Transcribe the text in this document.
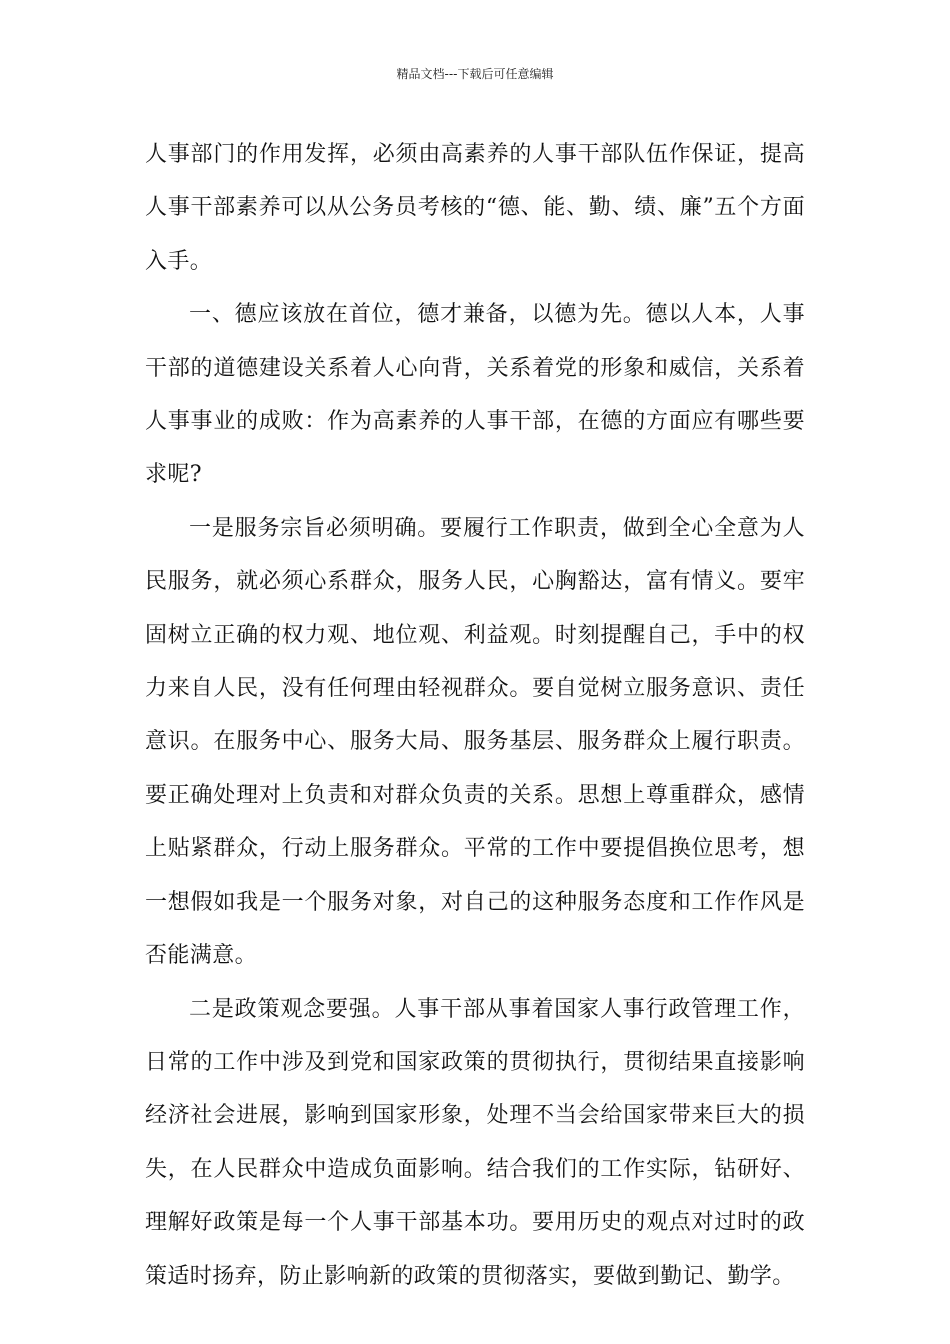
精品文档---下载后可任意编辑

人事部门的作用发挥，必须由高素养的人事干部队伍作保证，提高人事干部素养可以从公务员考核的“德、能、勤、绩、廉”五个方面入手。

一、德应该放在首位，德才兼备，以德为先。德以人本，人事干部的道德建设关系着人心向背，关系着党的形象和威信，关系着人事事业的成败：作为高素养的人事干部，在德的方面应有哪些要求呢?

一是服务宗旨必须明确。要履行工作职责，做到全心全意为人民服务，就必须心系群众，服务人民，心胸豁达，富有情义。要牢固树立正确的权力观、地位观、利益观。时刻提醒自己，手中的权力来自人民，没有任何理由轻视群众。要自觉树立服务意识、责任意识。在服务中心、服务大局、服务基层、服务群众上履行职责。要正确处理对上负责和对群众负责的关系。思想上尊重群众，感情上贴紧群众，行动上服务群众。平常的工作中要提倡换位思考，想一想假如我是一个服务对象，对自己的这种服务态度和工作作风是否能满意。

二是政策观念要强。人事干部从事着国家人事行政管理工作，日常的工作中涉及到党和国家政策的贯彻执行，贯彻结果直接影响经济社会进展，影响到国家形象，处理不当会给国家带来巨大的损失，在人民群众中造成负面影响。结合我们的工作实际，钻研好、理解好政策是每一个人事干部基本功。要用历史的观点对过时的政策适时扬弃，防止影响新的政策的贯彻落实，要做到勤记、勤学。
